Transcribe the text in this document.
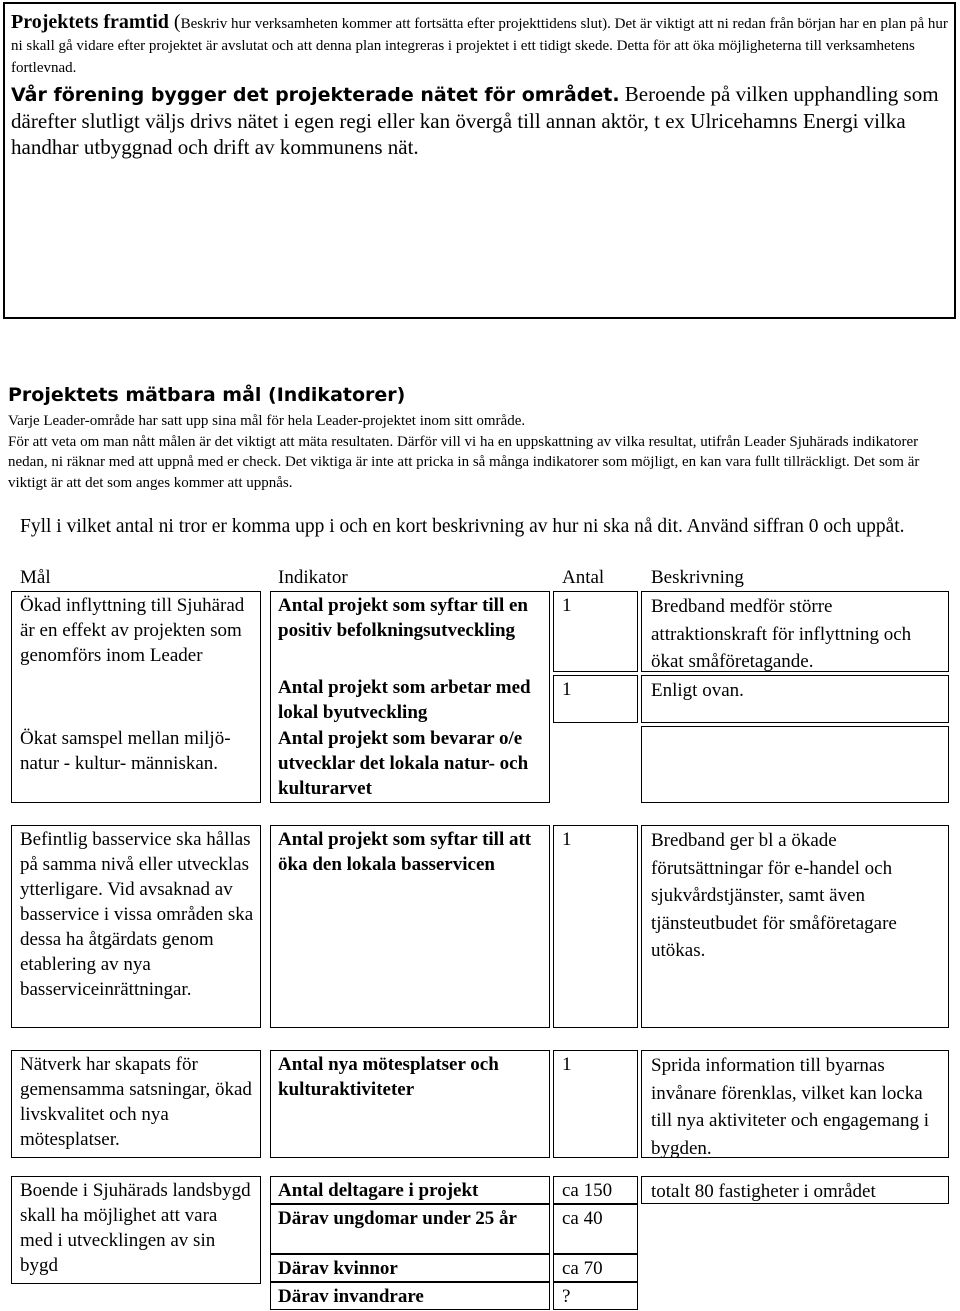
Projektets framtid (Beskriv hur verksamheten kommer att fortsätta efter projekttidens slut). Det är viktigt att ni redan från början har en plan på hur ni skall gå vidare efter projektet är avslutat och att denna plan integreras i projektet i ett tidigt skede. Detta för att öka möjligheterna till verksamhetens fortlevnad.

Vår förening bygger det projekterade nätet för området. Beroende på vilken upphandling som därefter slutligt väljs drivs nätet i egen regi eller kan övergå till annan aktör, t ex Ulricehamns Energi vilka handhar utbyggnad och drift av kommunens nät.

Projektets mätbara mål (Indikatorer)

Varje Leader-område har satt upp sina mål för hela Leader-projektet inom sitt område.

För att veta om man nått målen är det viktigt att mäta resultaten. Därför vill vi ha en uppskattning av vilka resultat, utifrån Leader Sjuhärads indikatorer nedan, ni räknar med att uppnå med er check. Det viktiga är inte att pricka in så många indikatorer som möjligt, en kan vara fullt tillräckligt. Det som är viktigt är att det som anges kommer att uppnås.

Fyll i vilket antal ni tror er komma upp i och en kort beskrivning av hur ni ska nå dit. Använd siffran 0 och uppåt.

Mål	Indikator	Antal Beskrivning
Ökad inflyttning till Sjuhärad är en effekt av projekten som genomförs inom Leader
Ökat samspel mellan miljö- natur - kultur- människan.
Befintlig basservice ska hållas på samma nivå eller utvecklas ytterligare. Vid avsaknad av basservice i vissa områden ska dessa ha åtgärdats genom etablering av nya basserviceinrättningar.
Nätverk har skapats för gemensamma satsningar, ökad livskvalitet och nya mötesplatser.
Boende i Sjuhärads landsbygd skall ha möjlighet att vara med i utvecklingen av sin bygd
Antal projekt som syftar till en positiv befolkningsutveckling
Antal projekt som arbetar med lokal byutveckling
Antal projekt som bevarar o/e utvecklar det lokala natur- och kulturarvet
Antal projekt som syftar till att öka den lokala basservicen
Antal nya mötesplatser och kulturaktiviteter
Antal deltagare i projekt
Därav ungdomar under 25 år
Därav kvinnor
Därav invandrare
1
1
1
1
ca 150
ca 40
ca 70
?
Bredband medför större attraktionskraft för inflyttning och ökat småföretagande.
Enligt ovan.
Bredband ger bl a ökade förutsättningar för e-handel och sjukvårdstjänster, samt även tjänsteutbudet för småföretagare utökas.
Sprida information till byarnas invånare förenklas, vilket kan locka till nya aktiviteter och engagemang i bygden.
totalt 80 fastigheter i området
